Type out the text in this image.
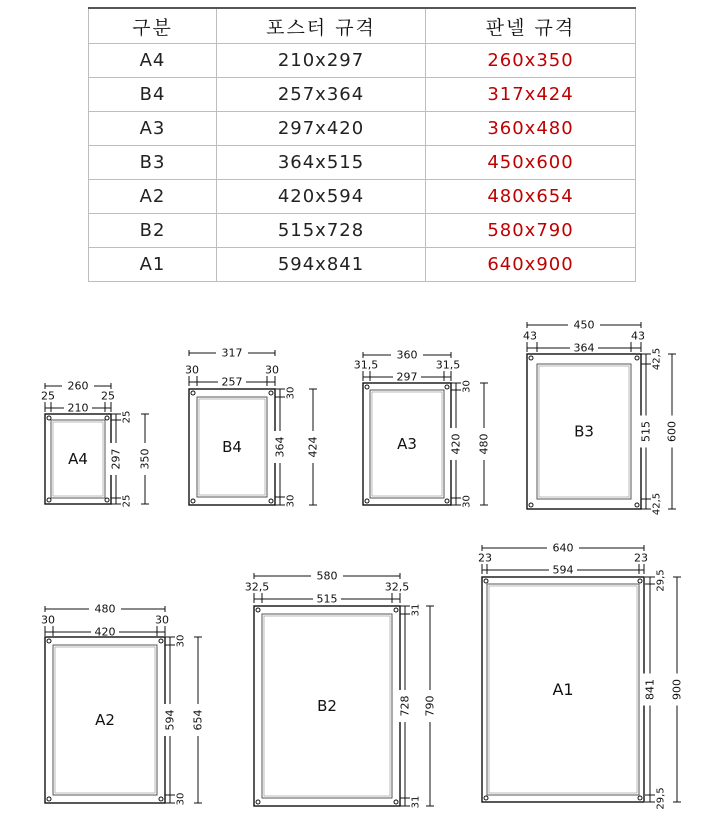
구분	포스터 규격	판넬 규격
A4	210x297	260x350
B4	257x364	317x424
A3	297x420	360x480
B3	364x515	450x600
A2	420x594	480x654
B2	515x728	580x790
A1	594x841	640x900
A4
260
210
25	25
297
25
25
350
B4
317
257
30	30
364
30
30
424	A3
360
297
31,5	31,5
420
30
30
480
B3
450
364
43	43
515
42,5
42,5
600
A2
480
420
30	30
594
30
30
654
B2
580
515
32,5	32,5
728
31
31
790
A1
640
594
23	23
841
29,5
29,5
900
